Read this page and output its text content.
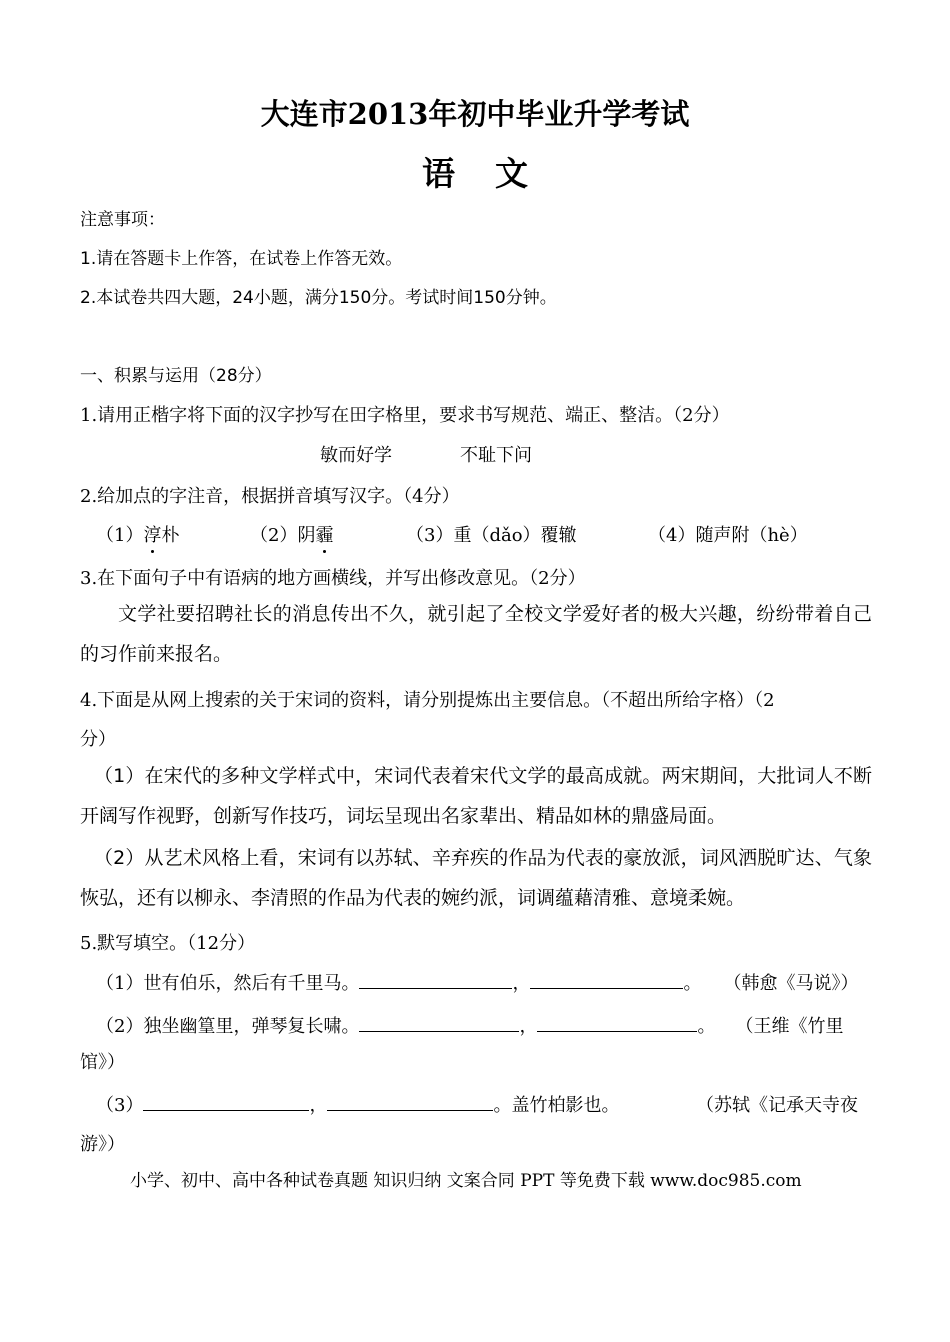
大连市2013年初中毕业升学考试
语 文
注意事项：
1.请在答题卡上作答，在试卷上作答无效。
2.本试卷共四大题，24小题，满分150分。考试时间150分钟。
一、积累与运用（28分）
1.请用正楷字将下面的汉字抄写在田字格里，要求书写规范、端正、整洁。（2分）
敏而好学	不耻下问
2.给加点的字注音，根据拼音填写汉字。（4分）
（1）淳朴	（2）阴霾	（3）重（dǎo）覆辙	（4）随声附（hè）
3.在下面句子中有语病的地方画横线，并写出修改意见。（2分）
文学社要招聘社长的消息传出不久，就引起了全校文学爱好者的极大兴趣，纷纷带着自己的习作前来报名。
4.下面是从网上搜索的关于宋词的资料，请分别提炼出主要信息。（不超出所给字格）（2
分）
（1）在宋代的多种文学样式中，宋词代表着宋代文学的最高成就。两宋期间，大批词人不断开阔写作视野，创新写作技巧，词坛呈现出名家辈出、精品如林的鼎盛局面。
（2）从艺术风格上看，宋词有以苏轼、辛弃疾的作品为代表的豪放派，词风洒脱旷达、气象恢弘，还有以柳永、李清照的作品为代表的婉约派，词调蕴藉清雅、意境柔婉。
5.默写填空。（12分）
（1）世有伯乐，然后有千里马。	，	。 （韩愈《马说》）
（2）独坐幽篁里，弹琴复长啸。	，	。 （王维《竹里
馆》）
（3）	，	。盖竹柏影也。	（苏轼《记承天寺夜
游》）
小学、初中、高中各种试卷真题 知识归纳 文案合同 PPT 等免费下载 www.doc985.com
